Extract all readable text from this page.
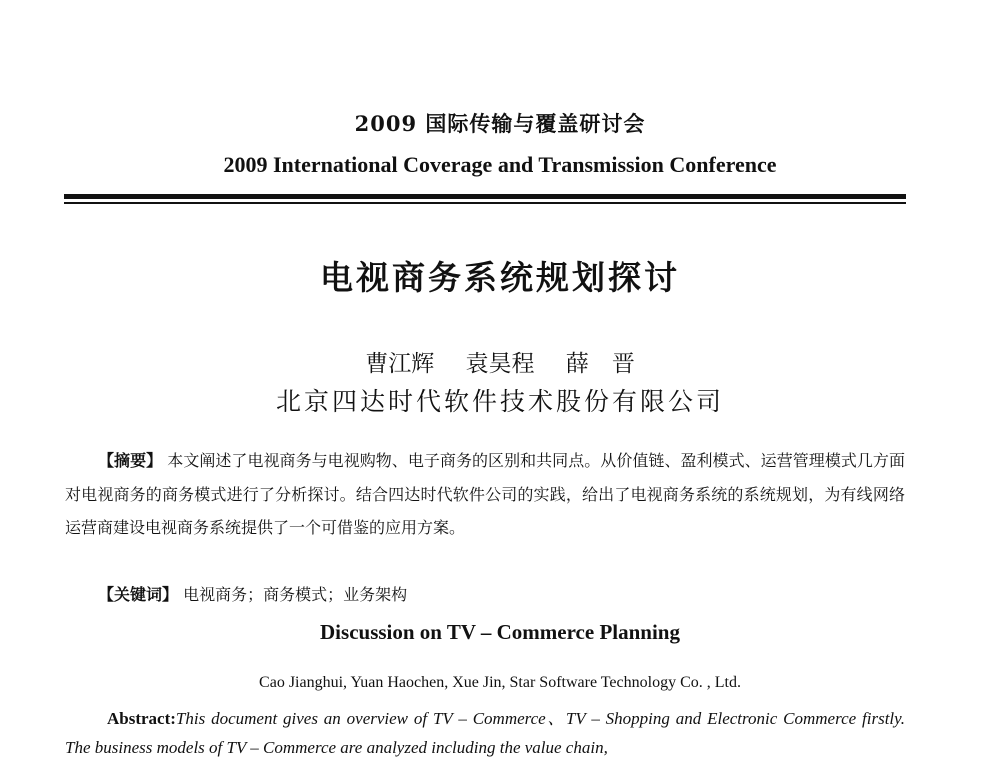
2009 国际传输与覆盖研讨会
2009 International Coverage and Transmission Conference
电视商务系统规划探讨
曹江辉 袁昊程 薛　晋
北京四达时代软件技术股份有限公司
【摘要】 本文阐述了电视商务与电视购物、电子商务的区别和共同点。从价值链、盈利模式、运营管理模式几方面对电视商务的商务模式进行了分析探讨。结合四达时代软件公司的实践，给出了电视商务系统的系统规划，为有线网络运营商建设电视商务系统提供了一个可借鉴的应用方案。
【关键词】 电视商务；商务模式；业务架构
Discussion on TV – Commerce Planning
Cao Jianghui, Yuan Haochen, Xue Jin, Star Software Technology Co. , Ltd.
Abstract:This document gives an overview of TV – Commerce、TV – Shopping and Electronic Commerce firstly. The business models of TV – Commerce are analyzed including the value chain,
